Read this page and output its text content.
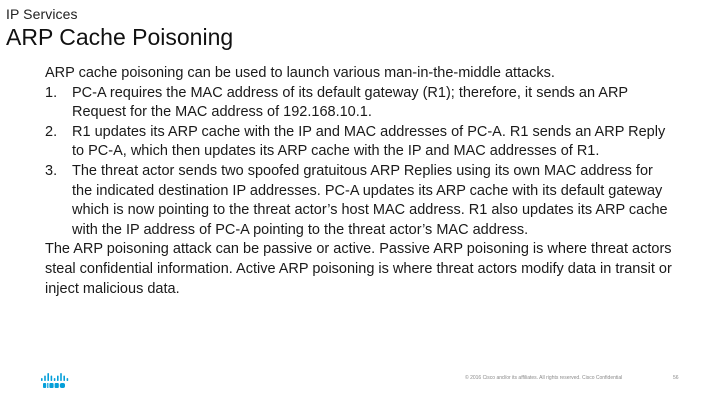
IP Services
ARP Cache Poisoning

ARP cache poisoning can be used to launch various man-in-the-middle attacks.

1. PC-A requires the MAC address of its default gateway (R1); therefore, it sends an ARP Request for the MAC address of 192.168.10.1.
2. R1 updates its ARP cache with the IP and MAC addresses of PC-A. R1 sends an ARP Reply to PC-A, which then updates its ARP cache with the IP and MAC addresses of R1.
3. The threat actor sends two spoofed gratuitous ARP Replies using its own MAC address for the indicated destination IP addresses. PC-A updates its ARP cache with its default gateway which is now pointing to the threat actor’s host MAC address. R1 also updates its ARP cache with the IP address of PC-A pointing to the threat actor’s MAC address.

The ARP poisoning attack can be passive or active. Passive ARP poisoning is where threat actors steal confidential information. Active ARP poisoning is where threat actors modify data in transit or inject malicious data.

© 2016 Cisco and/or its affiliates. All rights reserved. Cisco Confidential	56
